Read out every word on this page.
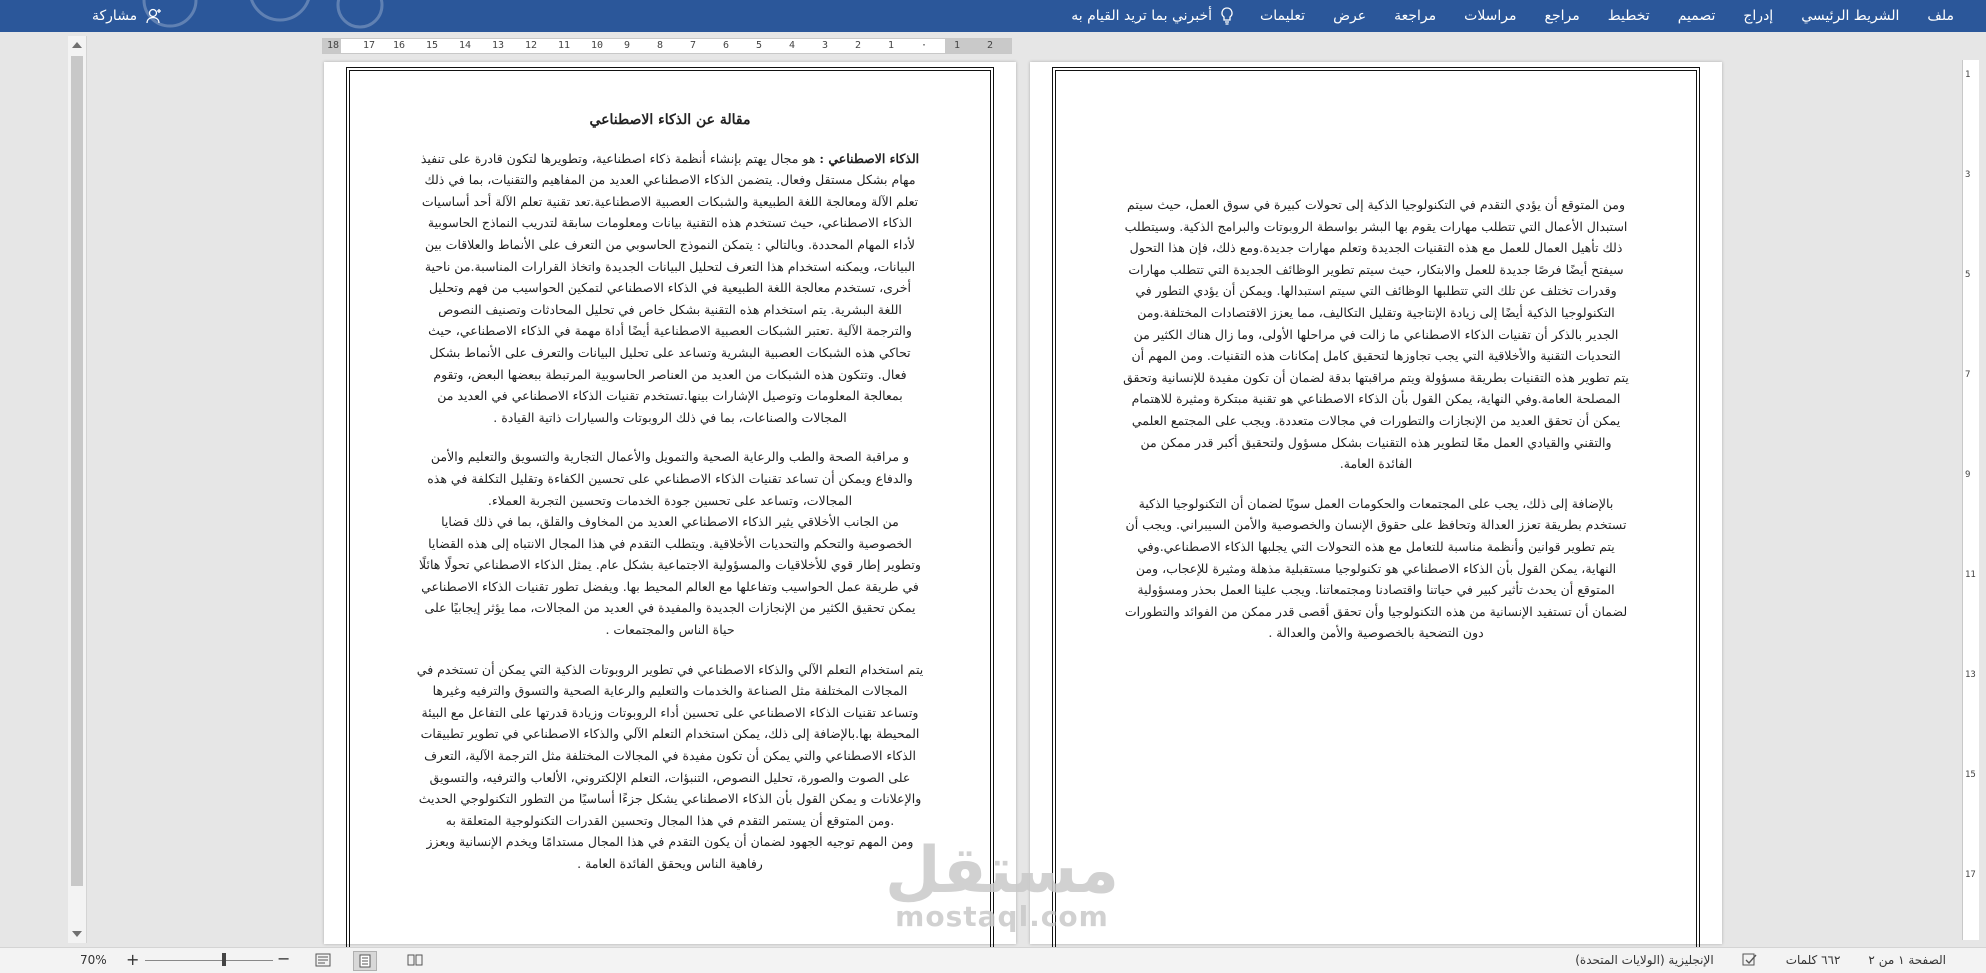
مشاركة	ملف
الشريط الرئيسي
إدراج
تصميم
تخطيط
مراجع
مراسلات
مراجعة
عرض
تعليمات
أخبرني بما تريد القيام به
18 17 16 15 14 13 12 11 10 9	8	7	6	5	4	3	2	1	·	1	2
1
3
5
7
9
11
13
15
17
مقالة عن الذكاء الاصطناعي

الذكاء الاصطناعي : هو مجال يهتم بإنشاء أنظمة ذكاء اصطناعية، وتطويرها لتكون قادرة على تنفيذ مهام بشكل مستقل وفعال. يتضمن الذكاء الاصطناعي العديد من المفاهيم والتقنيات، بما في ذلك تعلم الآلة ومعالجة اللغة الطبيعية والشبكات العصبية الاصطناعية.تعد تقنية تعلم الآلة أحد أساسيات الذكاء الاصطناعي، حيث تستخدم هذه التقنية بيانات ومعلومات سابقة لتدريب النماذج الحاسوبية لأداء المهام المحددة. وبالتالي : يتمكن النموذج الحاسوبي من التعرف على الأنماط والعلاقات بين البيانات، ويمكنه استخدام هذا التعرف لتحليل البيانات الجديدة واتخاذ القرارات المناسبة.من ناحية أخرى، تستخدم معالجة اللغة الطبيعية في الذكاء الاصطناعي لتمكين الحواسيب من فهم وتحليل اللغة البشرية. يتم استخدام هذه التقنية بشكل خاص في تحليل المحادثات وتصنيف النصوص والترجمة الآلية .تعتبر الشبكات العصبية الاصطناعية أيضًا أداة مهمة في الذكاء الاصطناعي، حيث تحاكي هذه الشبكات العصبية البشرية وتساعد على تحليل البيانات والتعرف على الأنماط بشكل فعال. وتتكون هذه الشبكات من العديد من العناصر الحاسوبية المرتبطة ببعضها البعض، وتقوم بمعالجة المعلومات وتوصيل الإشارات بينها.تستخدم تقنيات الذكاء الاصطناعي في العديد من المجالات والصناعات، بما في ذلك الروبوتات والسيارات ذاتية القيادة .

و مراقبة الصحة والطب والرعاية الصحية والتمويل والأعمال التجارية والتسويق والتعليم والأمن والدفاع ويمكن أن تساعد تقنيات الذكاء الاصطناعي على تحسين الكفاءة وتقليل التكلفة في هذه المجالات، وتساعد على تحسين جودة الخدمات وتحسين التجربة العملاء.
من الجانب الأخلاقي يثير الذكاء الاصطناعي العديد من المخاوف والقلق، بما في ذلك قضايا الخصوصية والتحكم والتحديات الأخلاقية. ويتطلب التقدم في هذا المجال الانتباه إلى هذه القضايا وتطوير إطار قوي للأخلاقيات والمسؤولية الاجتماعية بشكل عام. يمثل الذكاء الاصطناعي تحولًا هائلًا في طريقة عمل الحواسيب وتفاعلها مع العالم المحيط بها. ويفضل تطور تقنيات الذكاء الاصطناعي يمكن تحقيق الكثير من الإنجازات الجديدة والمفيدة في العديد من المجالات، مما يؤثر إيجابيًا على حياة الناس والمجتمعات .

يتم استخدام التعلم الآلي والذكاء الاصطناعي في تطوير الروبوتات الذكية التي يمكن أن تستخدم في المجالات المختلفة مثل الصناعة والخدمات والتعليم والرعاية الصحية والتسوق والترفيه وغيرها وتساعد تقنيات الذكاء الاصطناعي على تحسين أداء الروبوتات وزيادة قدرتها على التفاعل مع البيئة المحيطة بها.بالإضافة إلى ذلك، يمكن استخدام التعلم الآلي والذكاء الاصطناعي في تطوير تطبيقات الذكاء الاصطناعي والتي يمكن أن تكون مفيدة في المجالات المختلفة مثل الترجمة الآلية، التعرف على الصوت والصورة، تحليل النصوص، التنبؤات، التعلم الإلكتروني، الألعاب والترفيه، والتسويق والإعلانات و يمكن القول بأن الذكاء الاصطناعي يشكل جزءًا أساسيًا من التطور التكنولوجي الحديث .ومن المتوقع أن يستمر التقدم في هذا المجال وتحسين القدرات التكنولوجية المتعلقة به
ومن المهم توجيه الجهود لضمان أن يكون التقدم في هذا المجال مستدامًا ويخدم الإنسانية ويعزز رفاهية الناس ويحقق الفائدة العامة .

ومن المتوقع أن يؤدي التقدم في التكنولوجيا الذكية إلى تحولات كبيرة في سوق العمل، حيث سيتم استبدال الأعمال التي تتطلب مهارات يقوم بها البشر بواسطة الروبوتات والبرامج الذكية. وسيتطلب ذلك تأهيل العمال للعمل مع هذه التقنيات الجديدة وتعلم مهارات جديدة.ومع ذلك، فإن هذا التحول سيفتح أيضًا فرصًا جديدة للعمل والابتكار، حيث سيتم تطوير الوظائف الجديدة التي تتطلب مهارات وقدرات تختلف عن تلك التي تتطلبها الوظائف التي سيتم استبدالها. ويمكن أن يؤدي التطور في التكنولوجيا الذكية أيضًا إلى زيادة الإنتاجية وتقليل التكاليف، مما يعزز الاقتصادات المختلفة.ومن الجدير بالذكر أن تقنيات الذكاء الاصطناعي ما زالت في مراحلها الأولى، وما زال هناك الكثير من التحديات التقنية والأخلاقية التي يجب تجاوزها لتحقيق كامل إمكانات هذه التقنيات. ومن المهم أن يتم تطوير هذه التقنيات بطريقة مسؤولة ويتم مراقبتها بدقة لضمان أن تكون مفيدة للإنسانية وتحقق المصلحة العامة.وفي النهاية، يمكن القول بأن الذكاء الاصطناعي هو تقنية مبتكرة ومثيرة للاهتمام يمكن أن تحقق العديد من الإنجازات والتطورات في مجالات متعددة. ويجب على المجتمع العلمي والتقني والقيادي العمل معًا لتطوير هذه التقنيات بشكل مسؤول ولتحقيق أكبر قدر ممكن من الفائدة العامة.

بالإضافة إلى ذلك، يجب على المجتمعات والحكومات العمل سويًا لضمان أن التكنولوجيا الذكية تستخدم بطريقة تعزز العدالة وتحافظ على حقوق الإنسان والخصوصية والأمن السيبراني. ويجب أن يتم تطوير قوانين وأنظمة مناسبة للتعامل مع هذه التحولات التي يجلبها الذكاء الاصطناعي.وفي النهاية، يمكن القول بأن الذكاء الاصطناعي هو تكنولوجيا مستقبلية مذهلة ومثيرة للإعجاب، ومن المتوقع أن يحدث تأثير كبير في حياتنا واقتصادنا ومجتمعاتنا. ويجب علينا العمل بحذر ومسؤولية لضمان أن تستفيد الإنسانية من هذه التكنولوجيا وأن تحقق أقصى قدر ممكن من الفوائد والتطورات دون التضحية بالخصوصية والأمن والعدالة .

مستقل
mostaql.com
70% +	−	الصفحة ١ من ٢
٦٦٢ كلمات
الإنجليزية (الولايات المتحدة)
